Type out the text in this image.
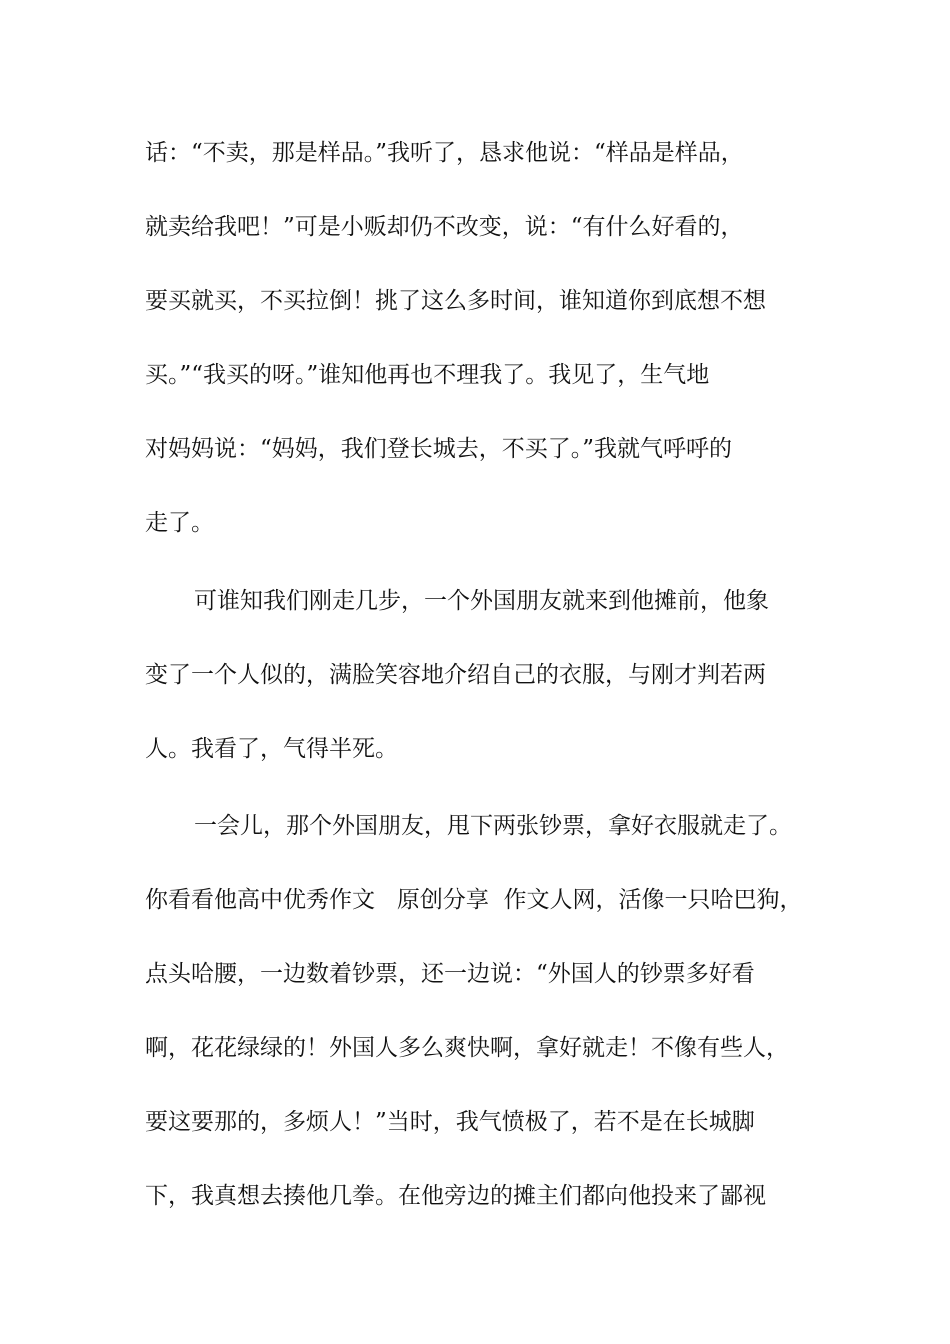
话：“不卖，那是样品。”我听了，恳求他说：“样品是样品，
就卖给我吧！”可是小贩却仍不改变，说：“有什么好看的，
要买就买，不买拉倒！挑了这么多时间，谁知道你到底想不想
买。”“我买的呀。”谁知他再也不理我了。我见了，生气地
对妈妈说：“妈妈，我们登长城去，不买了。”我就气呼呼的
走了。
可谁知我们刚走几步，一个外国朋友就来到他摊前，他象
变了一个人似的，满脸笑容地介绍自己的衣服，与刚才判若两
人。我看了，气得半死。
一会儿，那个外国朋友，甩下两张钞票，拿好衣服就走了。
你看看他高中优秀作文   原创分享  作文人网，活像一只哈巴狗，
点头哈腰，一边数着钞票，还一边说：“外国人的钞票多好看
啊，花花绿绿的！外国人多么爽快啊，拿好就走！不像有些人，
要这要那的，多烦人！”当时，我气愤极了，若不是在长城脚
下，我真想去揍他几拳。在他旁边的摊主们都向他投来了鄙视
